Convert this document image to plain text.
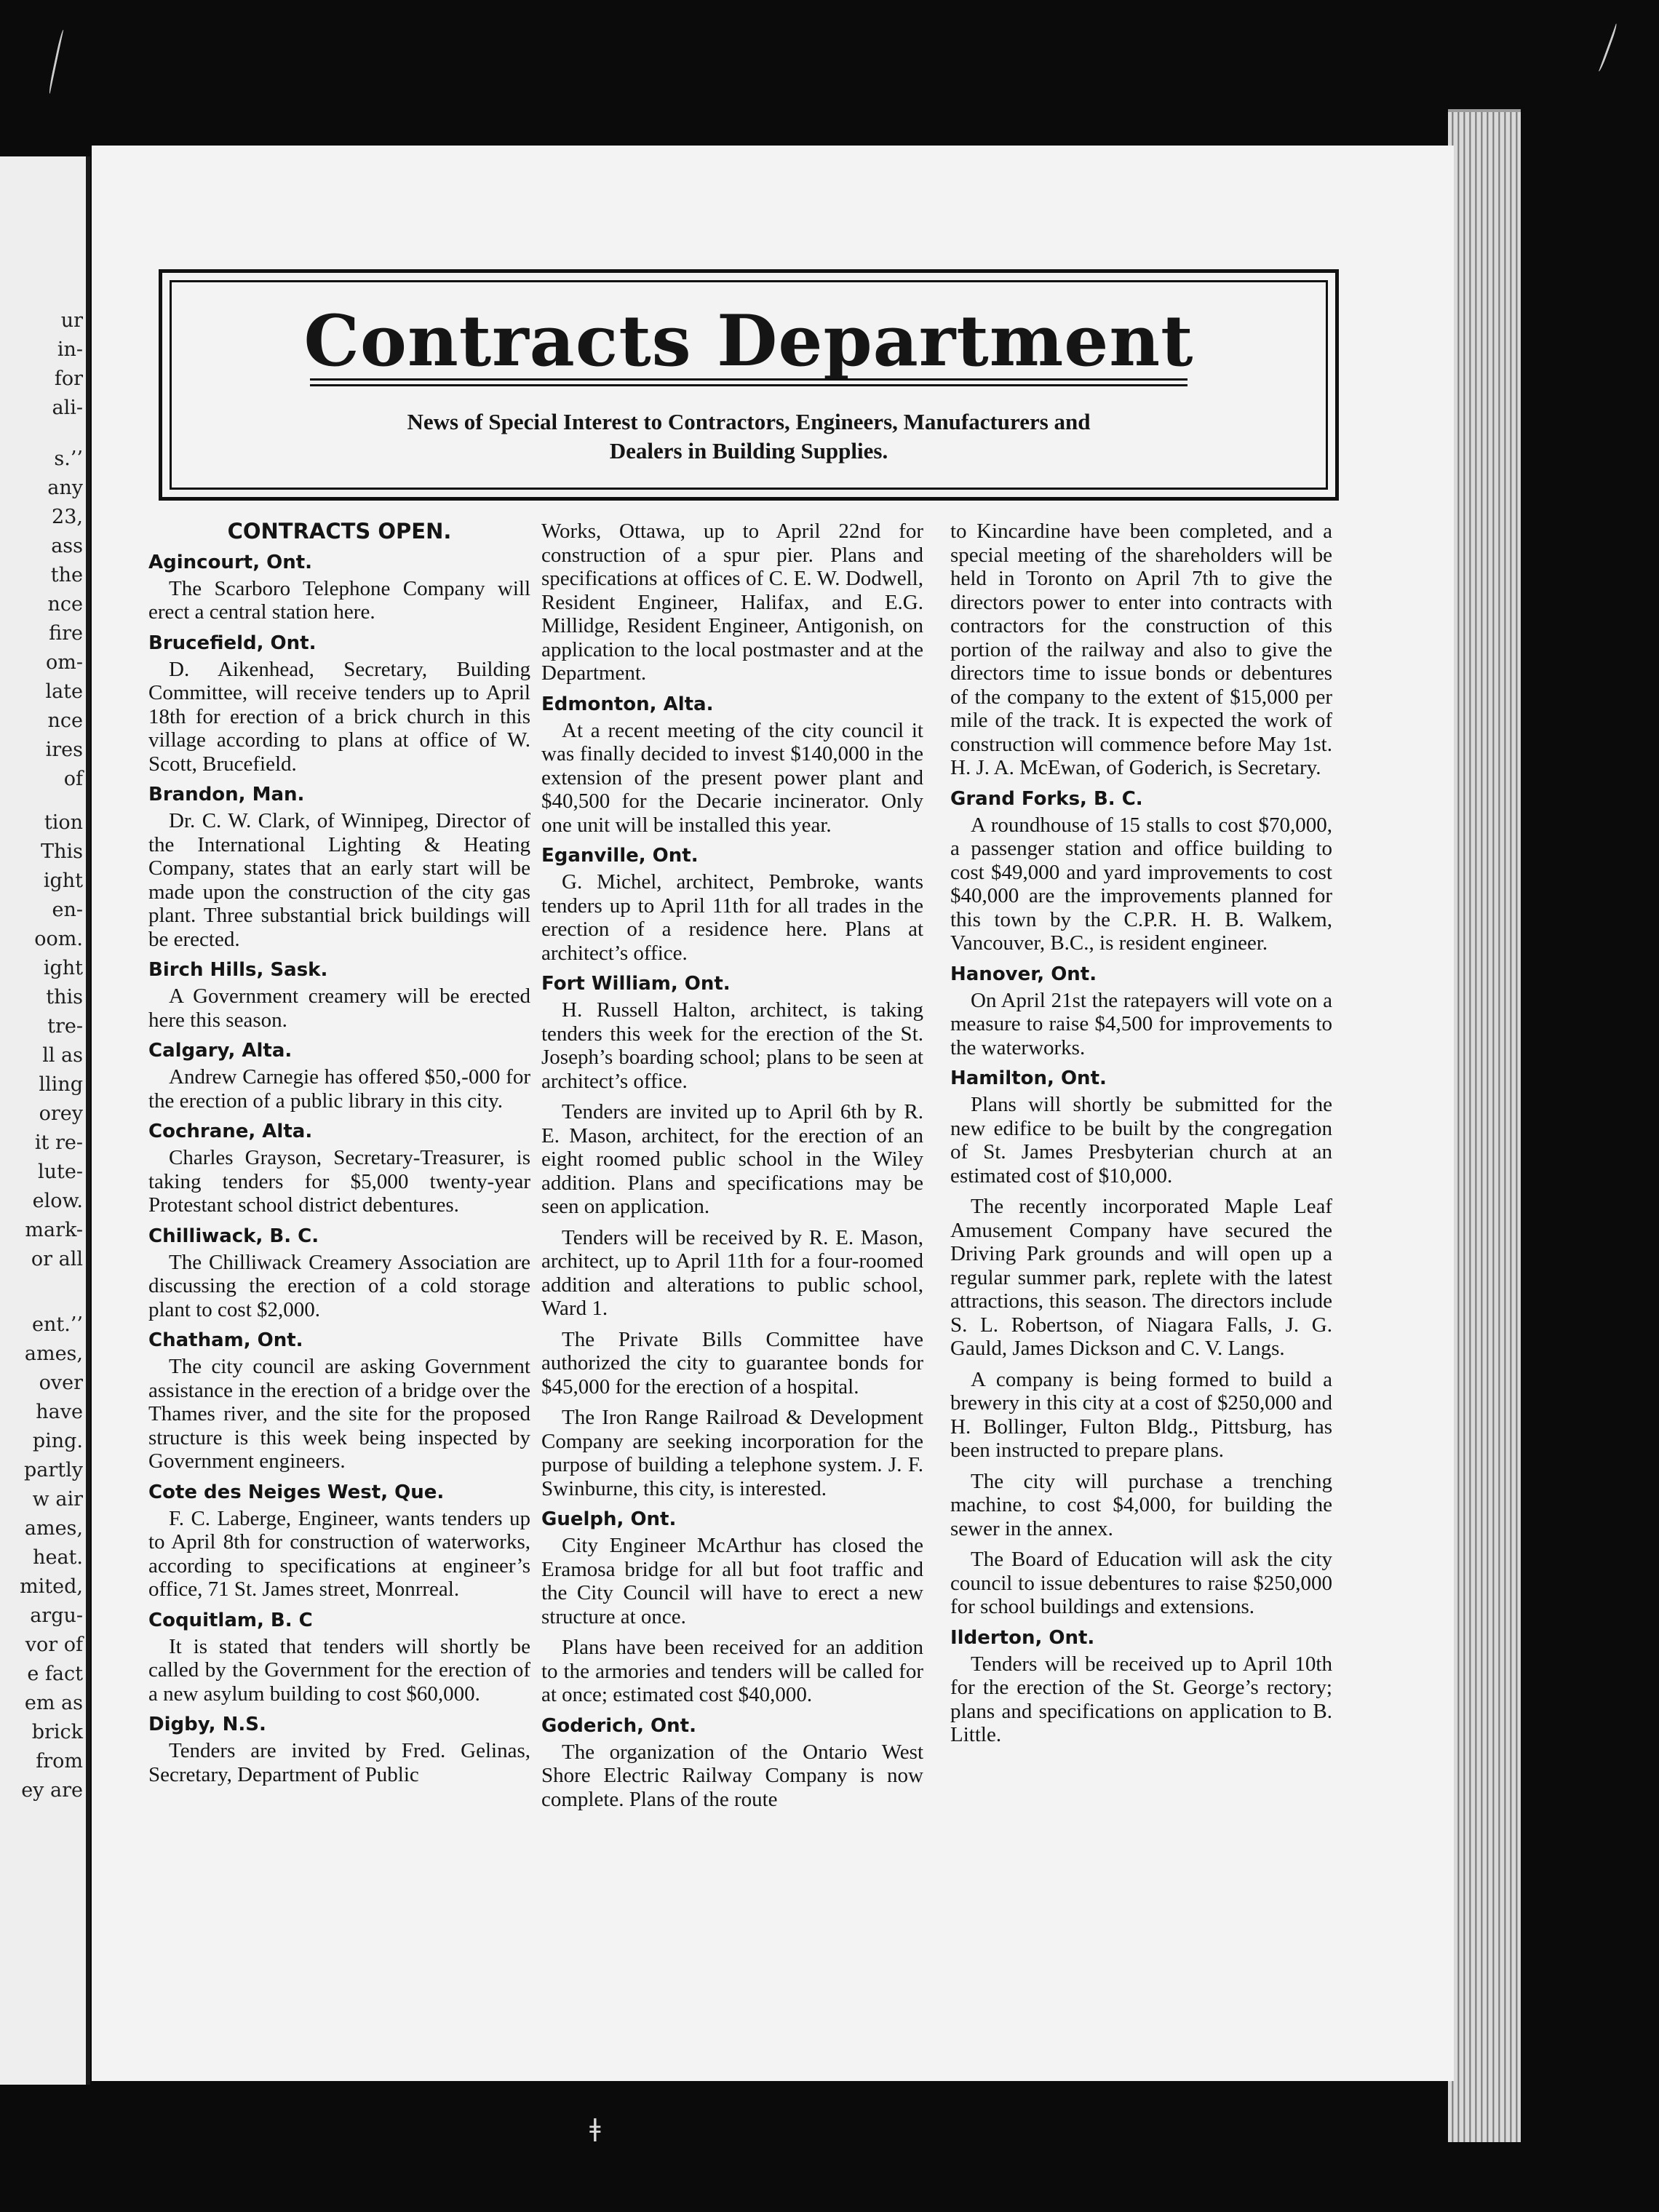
ur
in-
for
ali-
s.’’
any
23,
ass
the
nce
fire
om-
late
nce
ires
of
tion
This
ight
en-
oom.
ight
this
tre-
ll as
lling
orey
it re-
lute-
elow.
mark-
or all
ent.’’
ames,
over
have
ping.
partly
w air
ames,
heat.
mited,
argu-
vor of
e fact
em as
brick
from
ey are
Contracts Department
News of Special Interest to Contractors, Engineers, Manufacturers and
Dealers in Building Supplies.
CONTRACTS OPEN.
Agincourt, Ont.

The Scarboro Telephone Company will erect a central station here.

Brucefield, Ont.

D. Aikenhead, Secretary, Building Committee, will receive tenders up to April 18th for erection of a brick church in this village according to plans at office of W. Scott, Brucefield.

Brandon, Man.

Dr. C. W. Clark, of Winnipeg, Director of the International Lighting & Heating Company, states that an early start will be made upon the construction of the city gas plant. Three substantial brick buildings will be erected.

Birch Hills, Sask.

A Government creamery will be erected here this season.

Calgary, Alta.

Andrew Carnegie has offered $50,-000 for the erection of a public library in this city.

Cochrane, Alta.

Charles Grayson, Secretary-Treasurer, is taking tenders for $5,000 twenty-year Protestant school district debentures.

Chilliwack, B. C.

The Chilliwack Creamery Association are discussing the erection of a cold storage plant to cost $2,000.

Chatham, Ont.

The city council are asking Government assistance in the erection of a bridge over the Thames river, and the site for the proposed structure is this week being inspected by Government engineers.

Cote des Neiges West, Que.

F. C. Laberge, Engineer, wants tenders up to April 8th for construction of waterworks, according to specifications at engineer’s office, 71 St. James street, Monrreal.

Coquitlam, B. C

It is stated that tenders will shortly be called by the Government for the erection of a new asylum building to cost $60,000.

Digby, N.S.

Tenders are invited by Fred. Gelinas, Secretary, Department of Public

Works, Ottawa, up to April 22nd for construction of a spur pier. Plans and specifications at offices of C. E. W. Dodwell, Resident Engineer, Halifax, and E.G. Millidge, Resident Engineer, Antigonish, on application to the local postmaster and at the Department.

Edmonton, Alta.

At a recent meeting of the city council it was finally decided to invest $140,000 in the extension of the present power plant and $40,500 for the Decarie incinerator. Only one unit will be installed this year.

Eganville, Ont.

G. Michel, architect, Pembroke, wants tenders up to April 11th for all trades in the erection of a residence here. Plans at architect’s office.

Fort William, Ont.

H. Russell Halton, architect, is taking tenders this week for the erection of the St. Joseph’s boarding school; plans to be seen at architect’s office.

Tenders are invited up to April 6th by R. E. Mason, architect, for the erection of an eight roomed public school in the Wiley addition. Plans and specifications may be seen on application.

Tenders will be received by R. E. Mason, architect, up to April 11th for a four-roomed addition and alterations to public school, Ward 1.

The Private Bills Committee have authorized the city to guarantee bonds for $45,000 for the erection of a hospital.

The Iron Range Railroad & Development Company are seeking incorporation for the purpose of building a telephone system. J. F. Swinburne, this city, is interested.

Guelph, Ont.

City Engineer McArthur has closed the Eramosa bridge for all but foot traffic and the City Council will have to erect a new structure at once.

Plans have been received for an addition to the armories and tenders will be called for at once; estimated cost $40,000.

Goderich, Ont.

The organization of the Ontario West Shore Electric Railway Company is now complete. Plans of the route

to Kincardine have been completed, and a special meeting of the shareholders will be held in Toronto on April 7th to give the directors power to enter into contracts with contractors for the construction of this portion of the railway and also to give the directors time to issue bonds or debentures of the company to the extent of $15,000 per mile of the track. It is expected the work of construction will commence before May 1st. H. J. A. McEwan, of Goderich, is Secretary.

Grand Forks, B. C.

A roundhouse of 15 stalls to cost $70,000, a passenger station and office building to cost $49,000 and yard improvements to cost $40,000 are the improvements planned for this town by the C.P.R. H. B. Walkem, Vancouver, B.C., is resident engineer.

Hanover, Ont.

On April 21st the ratepayers will vote on a measure to raise $4,500 for improvements to the waterworks.

Hamilton, Ont.

Plans will shortly be submitted for the new edifice to be built by the congregation of St. James Presbyterian church at an estimated cost of $10,000.

The recently incorporated Maple Leaf Amusement Company have secured the Driving Park grounds and will open up a regular summer park, replete with the latest attractions, this season. The directors include S. L. Robertson, of Niagara Falls, J. G. Gauld, James Dickson and C. V. Langs.

A company is being formed to build a brewery in this city at a cost of $250,000 and H. Bollinger, Fulton Bldg., Pittsburg, has been instructed to prepare plans.

The city will purchase a trenching machine, to cost $4,000, for building the sewer in the annex.

The Board of Education will ask the city council to issue debentures to raise $250,000 for school buildings and extensions.

Ilderton, Ont.

Tenders will be received up to April 10th for the erection of the St. George’s rectory; plans and specifications on application to B. Little.

ǂ
